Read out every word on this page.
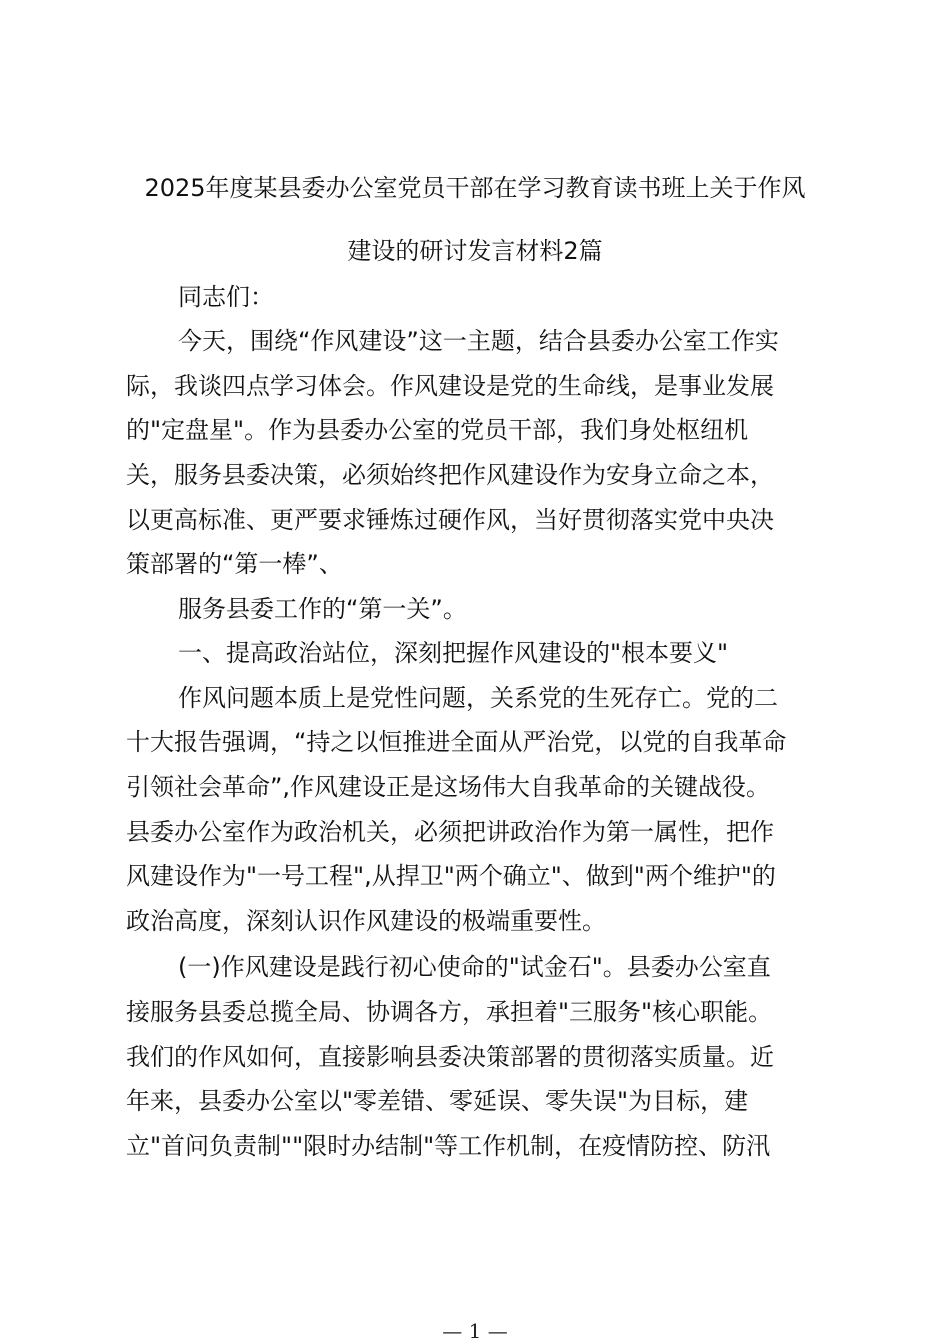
2025年度某县委办公室党员干部在学习教育读书班上关于作风
建设的研讨发言材料2篇
同志们：
今天，围绕“作风建设”这一主题，结合县委办公室工作实
际，我谈四点学习体会。作风建设是党的生命线，是事业发展
的"定盘星"。作为县委办公室的党员干部，我们身处枢纽机
关，服务县委决策，必须始终把作风建设作为安身立命之本，
以更高标准、更严要求锤炼过硬作风，当好贯彻落实党中央决
策部署的“第一棒”、
服务县委工作的“第一关”。
一、提高政治站位，深刻把握作风建设的"根本要义"
作风问题本质上是党性问题，关系党的生死存亡。党的二
十大报告强调，“持之以恒推进全面从严治党，以党的自我革命
引领社会革命”,作风建设正是这场伟大自我革命的关键战役。
县委办公室作为政治机关，必须把讲政治作为第一属性，把作
风建设作为"一号工程",从捍卫"两个确立"、做到"两个维护"的
政治高度，深刻认识作风建设的极端重要性。
(一)作风建设是践行初心使命的"试金石"。县委办公室直
接服务县委总揽全局、协调各方，承担着"三服务"核心职能。
我们的作风如何，直接影响县委决策部署的贯彻落实质量。近
年来，县委办公室以"零差错、零延误、零失误"为目标，建
立"首问负责制""限时办结制"等工作机制，在疫情防控、防汛
— 1 —
